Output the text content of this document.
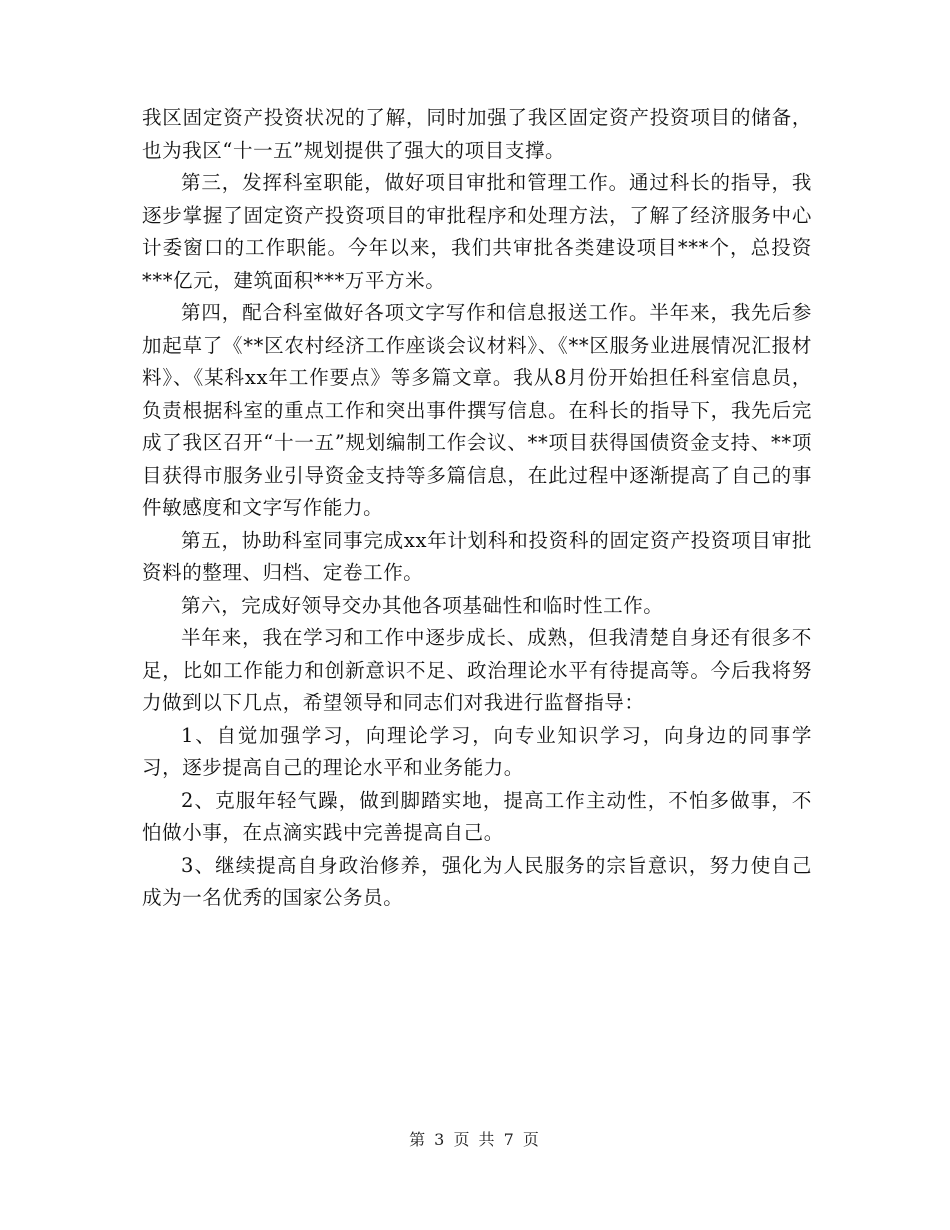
我区固定资产投资状况的了解，同时加强了我区固定资产投资项目的储备，也为我区“十一五”规划提供了强大的项目支撑。

第三，发挥科室职能，做好项目审批和管理工作。通过科长的指导，我逐步掌握了固定资产投资项目的审批程序和处理方法，了解了经济服务中心计委窗口的工作职能。今年以来，我们共审批各类建设项目***个，总投资***亿元，建筑面积***万平方米。

第四，配合科室做好各项文字写作和信息报送工作。半年来，我先后参加起草了《**区农村经济工作座谈会议材料》、《**区服务业进展情况汇报材料》、《某科xx年工作要点》等多篇文章。我从8月份开始担任科室信息员，负责根据科室的重点工作和突出事件撰写信息。在科长的指导下，我先后完成了我区召开“十一五”规划编制工作会议、**项目获得国债资金支持、**项目获得市服务业引导资金支持等多篇信息，在此过程中逐渐提高了自己的事件敏感度和文字写作能力。

第五，协助科室同事完成xx年计划科和投资科的固定资产投资项目审批资料的整理、归档、定卷工作。

第六，完成好领导交办其他各项基础性和临时性工作。

半年来，我在学习和工作中逐步成长、成熟，但我清楚自身还有很多不足，比如工作能力和创新意识不足、政治理论水平有待提高等。今后我将努力做到以下几点，希望领导和同志们对我进行监督指导：

1、自觉加强学习，向理论学习，向专业知识学习，向身边的同事学习，逐步提高自己的理论水平和业务能力。

2、克服年轻气躁，做到脚踏实地，提高工作主动性，不怕多做事，不怕做小事，在点滴实践中完善提高自己。

3、继续提高自身政治修养，强化为人民服务的宗旨意识，努力使自己成为一名优秀的国家公务员。

第 3 页 共 7 页
